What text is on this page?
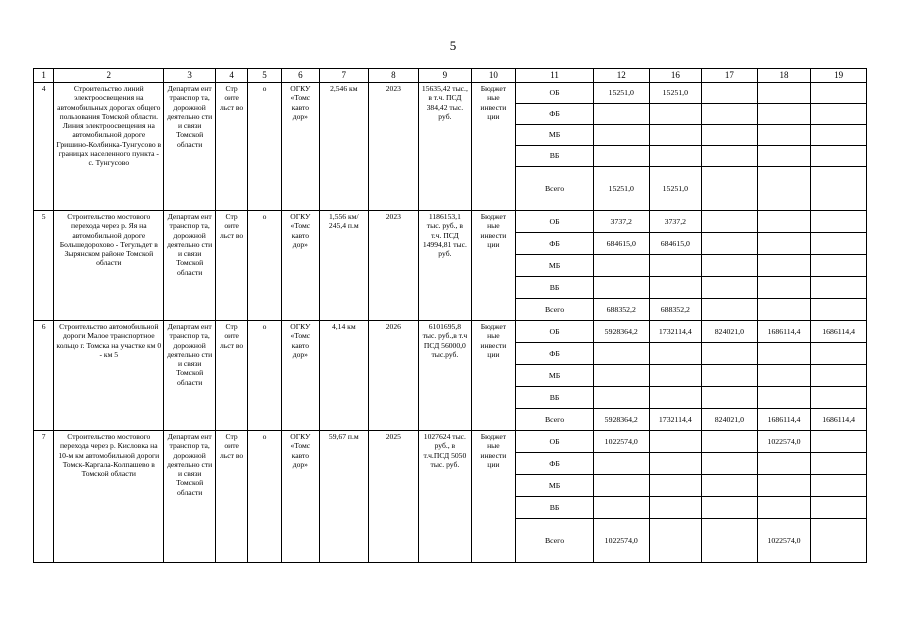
5
1	2	3	4	5	6	7	8	9	10	11	12	16	17	18	19
4	Строительство линий электроосвещения на автомобильных дорогах общего пользования Томской области. Линия электроосвещения на автомобильной дороге Гришино-Колбинка-Тунгусово в границах населенного пункта - с. Тунгусово	Департам ент транспор та, дорожной деятельно сти и связи Томской области	Стр оите льст во	о	ОГКУ «Томс кавто дор»	2,546 км	2023	15635,42 тыс., в т.ч. ПСД 384,42 тыс. руб.	Бюджет ные инвести ции	ОБ	15251,0	15251,0			
										ФБ					
										МБ					
										ВБ					
										Всего	15251,0	15251,0			
5	Строительство мостового перехода через р. Яя на автомобильной дороге Большедорохово - Тегульдет в Зырянском районе Томской области	Департам ент транспор та, дорожной деятельно сти и связи Томской области	Стр оите льст во	о	ОГКУ «Томс кавто дор»	1,556 км/ 245,4 п.м	2023	1186153,1 тыс. руб., в т.ч. ПСД 14994,81 тыс. руб.	Бюджет ные инвести ции	ОБ	3737,2	3737,2			
										ФБ	684615,0	684615,0			
										МБ					
										ВБ					
										Всего	688352,2	688352,2			
6	Строительство автомобильной дороги Малое транспортное кольцо г. Томска на участке км 0 - км 5	Департам ент транспор та, дорожной деятельно сти и связи Томской области	Стр оите льст во	о	ОГКУ «Томс кавто дор»	4,14 км	2026	6101695,8 тыс. руб.,в т.ч ПСД 56000,0 тыс.руб.	Бюджет ные инвести ции	ОБ	5928364,2	1732114,4	824021,0	1686114,4	1686114,4
										ФБ					
										МБ					
										ВБ					
										Всего	5928364,2	1732114,4	824021,0	1686114,4	1686114,4
7	Строительство мостового перехода через р. Кисловка на 10-м км автомобильной дороги Томск-Каргала-Колпашево в Томской области	Департам ент транспор та, дорожной деятельно сти и связи Томской области	Стр оите льст во	о	ОГКУ «Томс кавто дор»	59,67 п.м	2025	1027624 тыс. руб., в т.ч.ПСД 5050 тыс. руб.	Бюджет ные инвести ции	ОБ	1022574,0			1022574,0	
										ФБ					
										МБ					
										ВБ					
										Всего	1022574,0			1022574,0	
